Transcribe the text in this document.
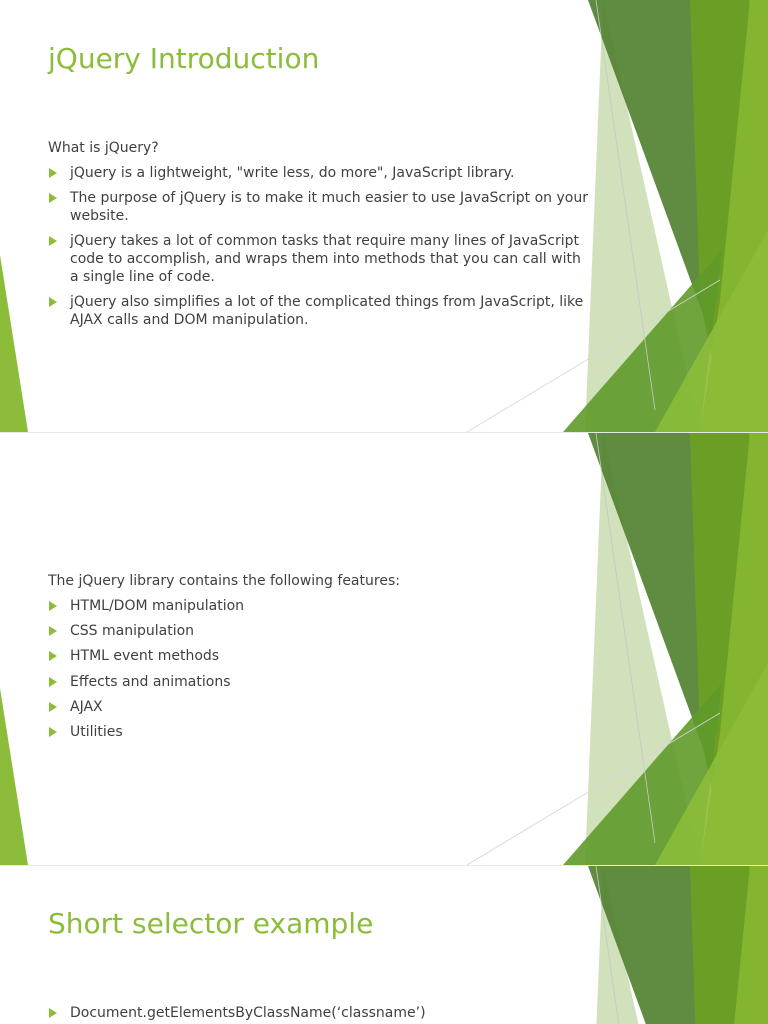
jQuery Introduction

What is jQuery?

jQuery is a lightweight, "write less, do more", JavaScript library.
The purpose of jQuery is to make it much easier to use JavaScript on your website.
jQuery takes a lot of common tasks that require many lines of JavaScript code to accomplish, and wraps them into methods that you can call with a single line of code.
jQuery also simplifies a lot of the complicated things from JavaScript, like AJAX calls and DOM manipulation.

The jQuery library contains the following features:

HTML/DOM manipulation
CSS manipulation
HTML event methods
Effects and animations
AJAX
Utilities
Short selector example
Document.getElementsByClassName(‘classname’)
